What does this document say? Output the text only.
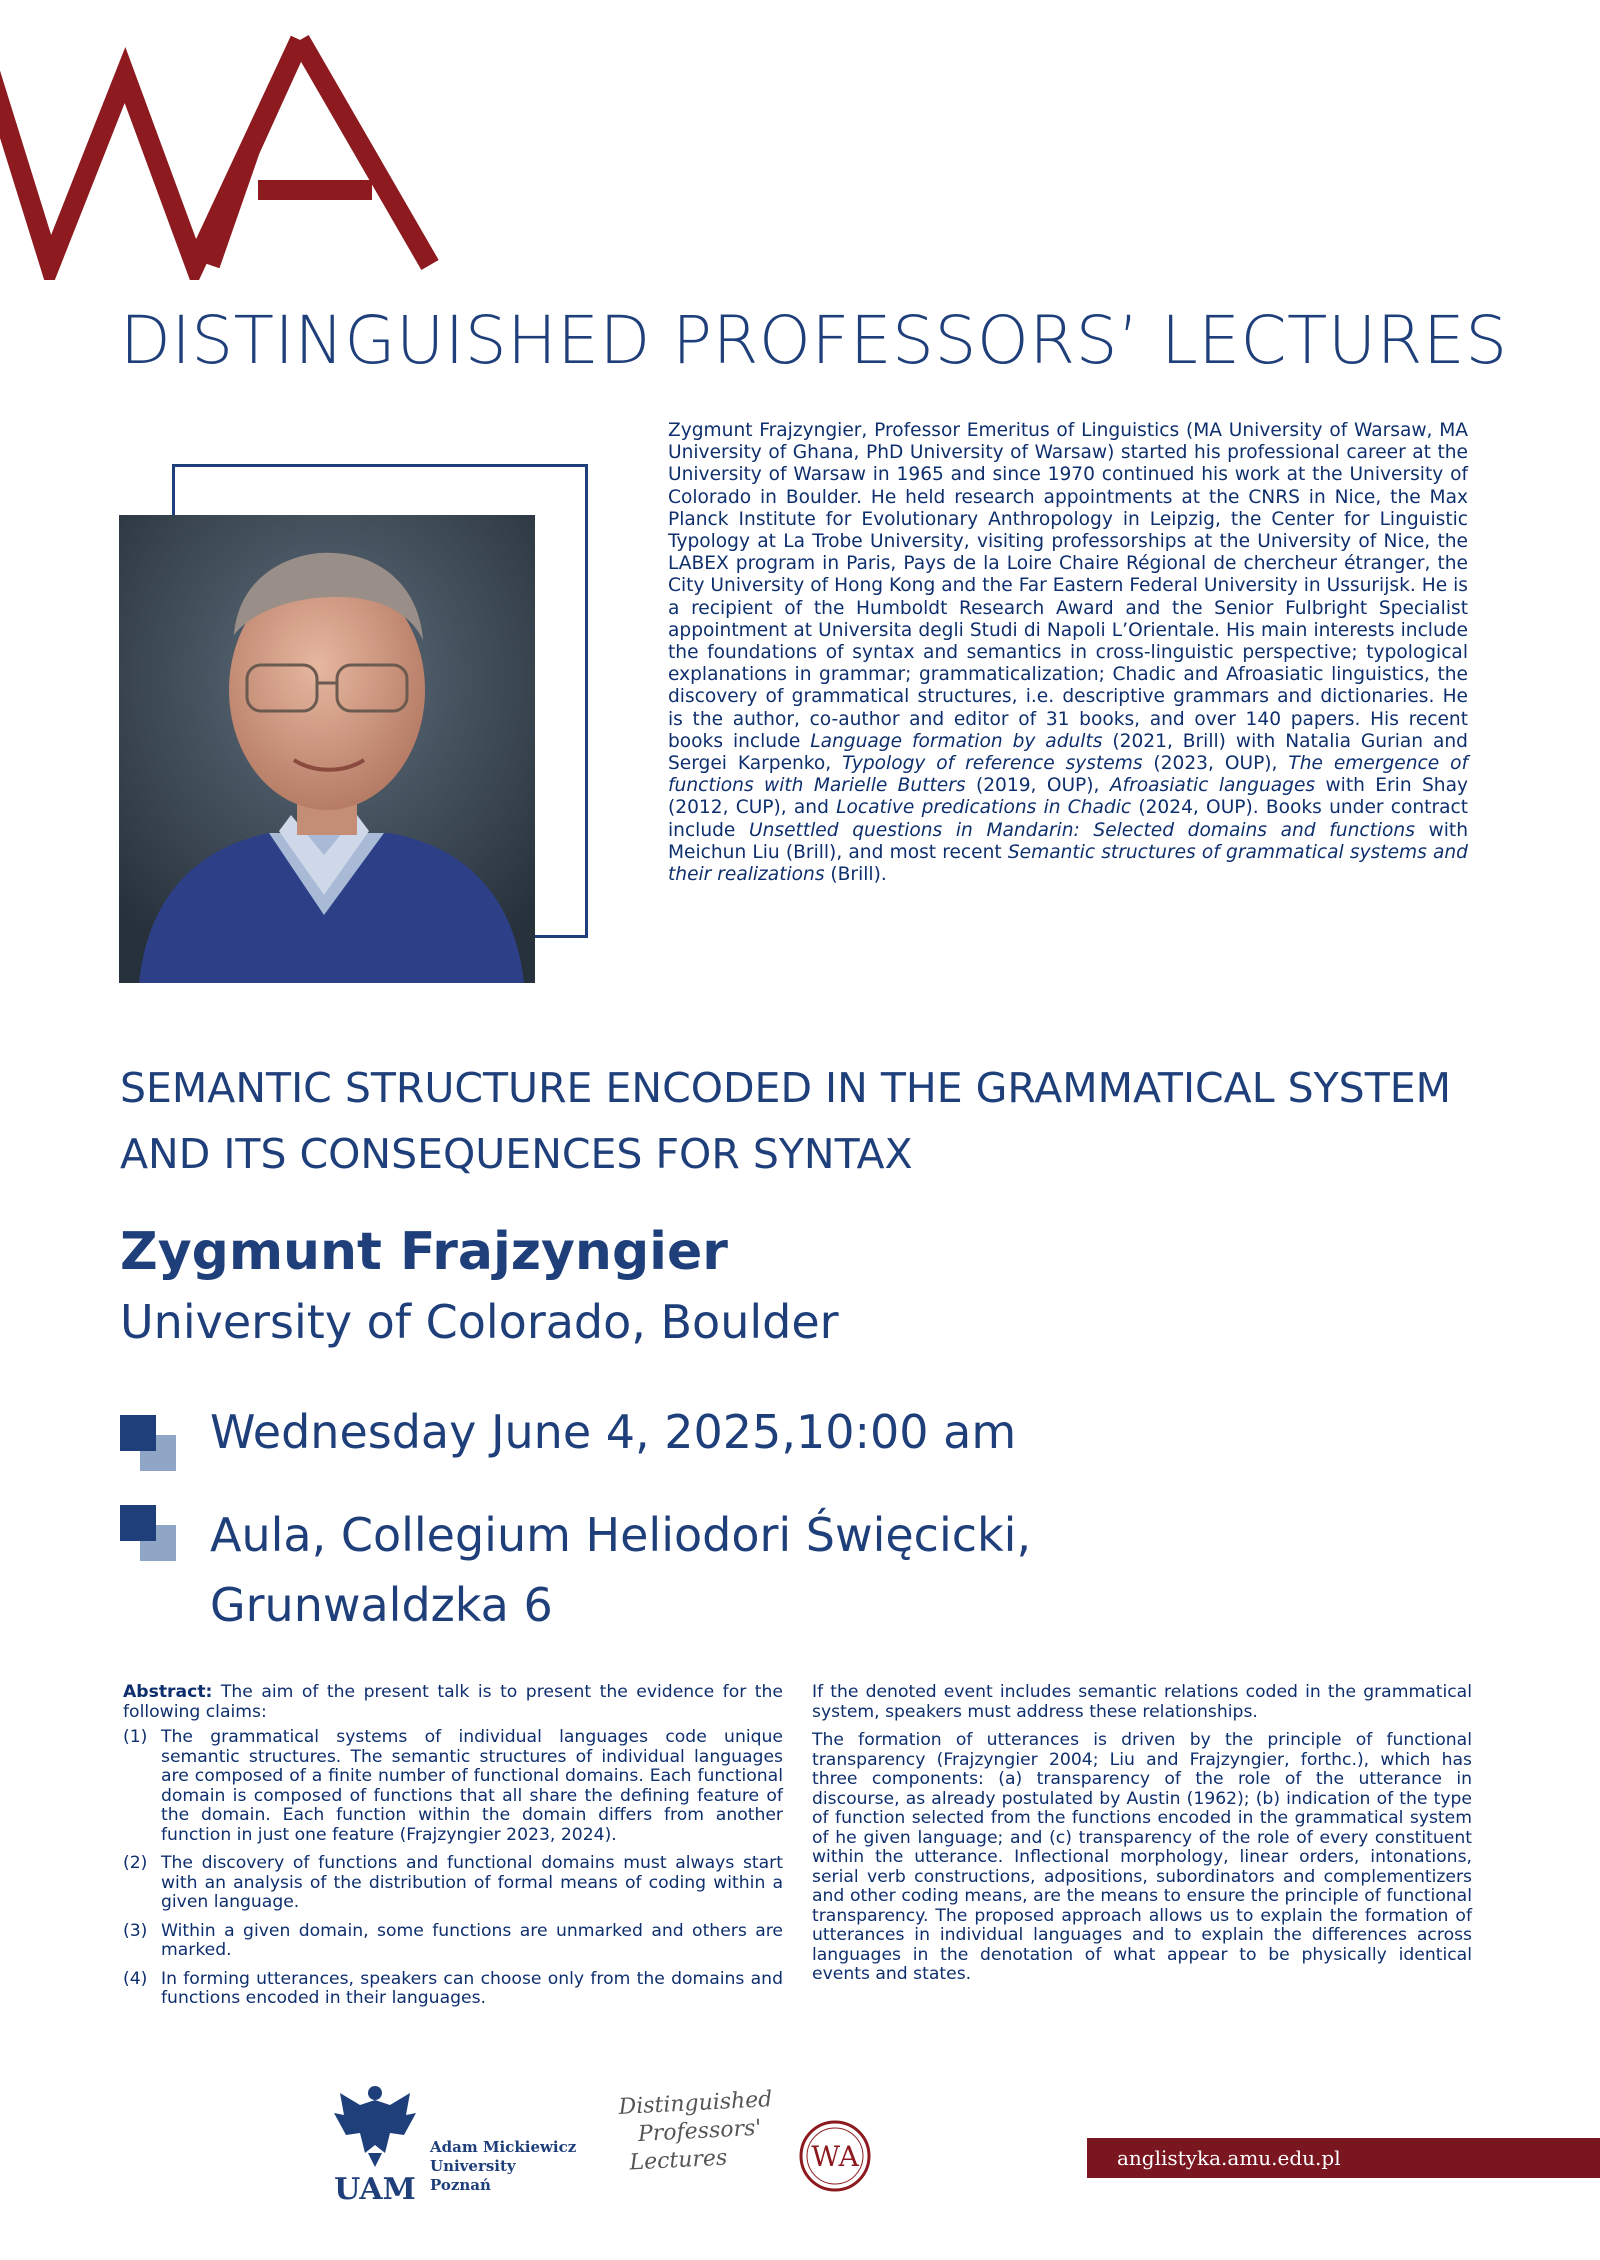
DISTINGUISHED PROFESSORS’ LECTURES
Zygmunt Frajzyngier, Professor Emeritus of Linguistics (MA University of Warsaw, MA University of Ghana, PhD University of Warsaw) started his professional career at the University of Warsaw in 1965 and since 1970 continued his work at the University of Colorado in Boulder. He held research appointments at the CNRS in Nice, the Max Planck Institute for Evolutionary Anthropology in Leipzig, the Center for Linguistic Typology at La Trobe University, visiting professorships at the University of Nice, the LABEX program in Paris, Pays de la Loire Chaire Régional de chercheur étranger, the City University of Hong Kong and the Far Eastern Federal University in Ussurijsk. He is a recipient of the Humboldt Research Award and the Senior Fulbright Specialist appointment at Universita degli Studi di Napoli L’Orientale. His main interests include the foundations of syntax and semantics in cross-linguistic perspective; typological explanations in grammar; grammaticalization; Chadic and Afroasiatic linguistics, the discovery of grammatical structures, i.e. descriptive grammars and dictionaries. He is the author, co-author and editor of 31 books, and over 140 papers. His recent books include Language formation by adults (2021, Brill) with Natalia Gurian and Sergei Karpenko, Typology of reference systems (2023, OUP), The emergence of functions with Marielle Butters (2019, OUP), Afroasiatic languages with Erin Shay (2012, CUP), and Locative predications in Chadic (2024, OUP). Books under contract include Unsettled questions in Mandarin: Selected domains and functions with Meichun Liu (Brill), and most recent Semantic structures of grammatical systems and their realizations (Brill).
SEMANTIC STRUCTURE ENCODED IN THE GRAMMATICAL SYSTEM
AND ITS CONSEQUENCES FOR SYNTAX
Zygmunt Frajzyngier
University of Colorado, Boulder
Wednesday June 4, 2025,10:00 am
Aula, Collegium Heliodori Święcicki,
Grunwaldzka 6
Abstract: The aim of the present talk is to present the evidence for the following claims:
(1) The grammatical systems of individual languages code unique semantic structures. The semantic structures of individual languages are composed of a finite number of functional domains. Each functional domain is composed of functions that all share the defining feature of the domain. Each function within the domain differs from another function in just one feature (Frajzyngier 2023, 2024).
(2) The discovery of functions and functional domains must always start with an analysis of the distribution of formal means of coding within a given language.
(3) Within a given domain, some functions are unmarked and others are marked.
(4) In forming utterances, speakers can choose only from the domains and functions encoded in their languages.

If the denoted event includes semantic relations coded in the grammatical system, speakers must address these relationships.

The formation of utterances is driven by the principle of functional transparency (Frajzyngier 2004; Liu and Frajzyngier, forthc.), which has three components: (a) transparency of the role of the utterance in discourse, as already postulated by Austin (1962); (b) indication of the type of function selected from the functions encoded in the grammatical system of he given language; and (c) transparency of the role of every constituent within the utterance. Inflectional morphology, linear orders, intonations, serial verb constructions, adpositions, subordinators and complementizers and other coding means, are the means to ensure the principle of functional transparency. The proposed approach allows us to explain the formation of utterances in individual languages and to explain the differences across languages in the denotation of what appear to be physically identical events and states.

UAM
Adam Mickiewicz
University
Poznań
Distinguished
Professors'
Lectures	WA	anglistyka.amu.edu.pl
